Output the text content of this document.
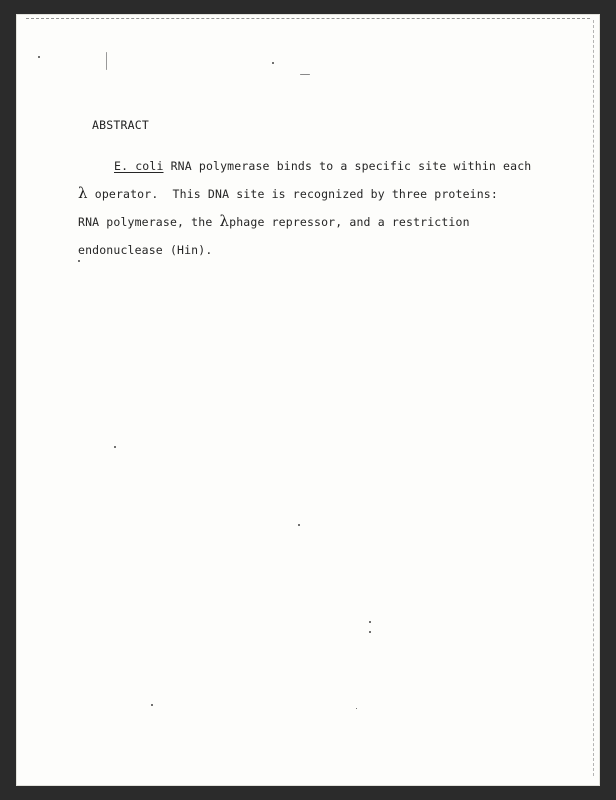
ABSTRACT
E. coli RNA polymerase binds to a specific site within each
λ operator.  This DNA site is recognized by three proteins:
RNA polymerase, the λphage repressor, and a restriction
endonuclease (Hin).
